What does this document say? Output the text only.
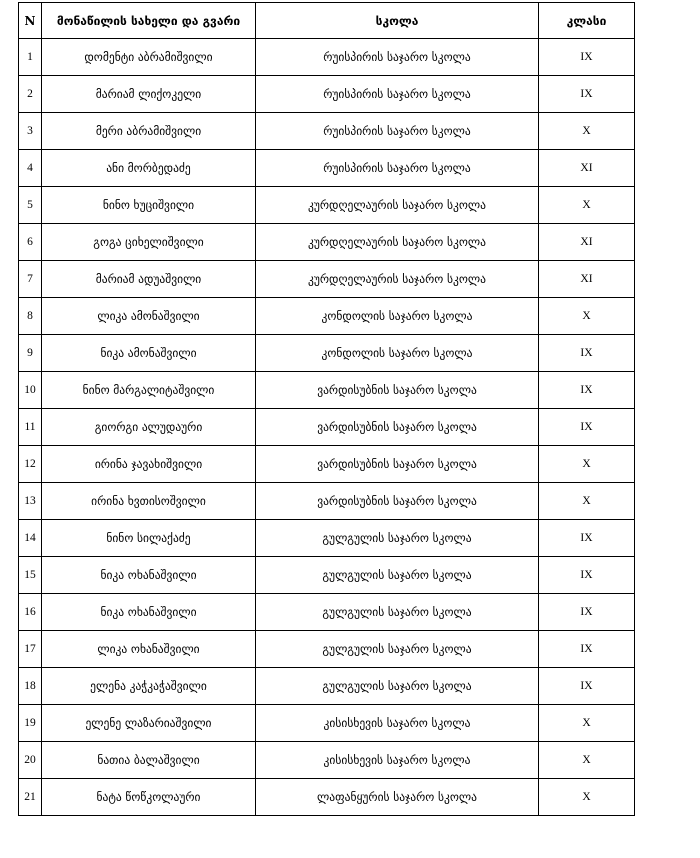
N	მონაწილის სახელი და გვარი	სკოლა	კლასი
1	დომენტი აბრამიშვილი	რუისპირის საჯარო სკოლა	IX
2	მარიამ ლიქოკელი	რუისპირის საჯარო სკოლა	IX
3	მერი აბრამიშვილი	რუისპირის საჯარო სკოლა	X
4	ანი მორბედაძე	რუისპირის საჯარო სკოლა	XI
5	ნინო ხუციშვილი	კურდღელაურის საჯარო სკოლა	X
6	გოგა ციხელიშვილი	კურდღელაურის საჯარო სკოლა	XI
7	მარიამ ადუაშვილი	კურდღელაურის საჯარო სკოლა	XI
8	ლიკა ამონაშვილი	კონდოლის საჯარო სკოლა	X
9	ნიკა ამონაშვილი	კონდოლის საჯარო სკოლა	IX
10	ნინო მარგალიტაშვილი	ვარდისუბნის საჯარო სკოლა	IX
11	გიორგი ალუდაური	ვარდისუბნის საჯარო სკოლა	IX
12	ირინა ჯავახიშვილი	ვარდისუბნის საჯარო სკოლა	X
13	ირინა ხვთისოშვილი	ვარდისუბნის საჯარო სკოლა	X
14	ნინო სილაქაძე	გულგულის საჯარო სკოლა	IX
15	ნიკა ოხანაშვილი	გულგულის საჯარო სკოლა	IX
16	ნიკა ოხანაშვილი	გულგულის საჯარო სკოლა	IX
17	ლიკა ოხანაშვილი	გულგულის საჯარო სკოლა	IX
18	ელენა კაჭკაჭაშვილი	გულგულის საჯარო სკოლა	IX
19	ელენე ლაზარიაშვილი	კისისხევის საჯარო სკოლა	X
20	ნათია ბალაშვილი	კისისხევის საჯარო სკოლა	X
21	ნატა წოწკოლაური	ლაფანყურის საჯარო სკოლა	X
